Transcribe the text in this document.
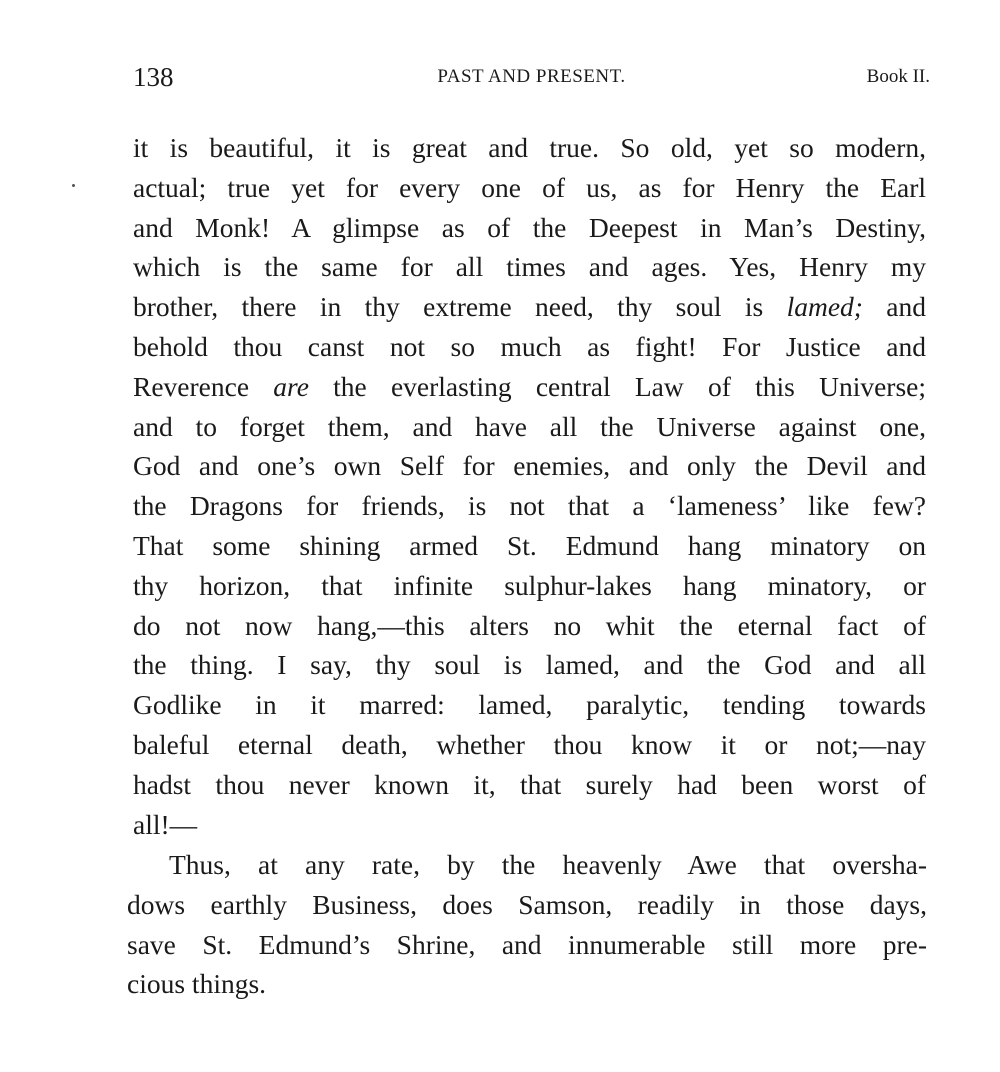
138	PAST AND PRESENT.	Book II.
it is beautiful, it is great and true. So old, yet so modern,
actual; true yet for every one of us, as for Henry the Earl
and Monk! A glimpse as of the Deepest in Man’s Destiny,
which is the same for all times and ages. Yes, Henry my
brother, there in thy extreme need, thy soul is lamed; and
behold thou canst not so much as fight! For Justice and
Reverence are the everlasting central Law of this Universe;
and to forget them, and have all the Universe against one,
God and one’s own Self for enemies, and only the Devil and
the Dragons for friends, is not that a ‘lameness’ like few?
That some shining armed St. Edmund hang minatory on
thy horizon, that infinite sulphur-lakes hang minatory, or
do not now hang,—this alters no whit the eternal fact of
the thing. I say, thy soul is lamed, and the God and all
Godlike in it marred: lamed, paralytic, tending towards
baleful eternal death, whether thou know it or not;—nay
hadst thou never known it, that surely had been worst of
all!—
Thus, at any rate, by the heavenly Awe that oversha-
dows earthly Business, does Samson, readily in those days,
save St. Edmund’s Shrine, and innumerable still more pre-
cious things.
